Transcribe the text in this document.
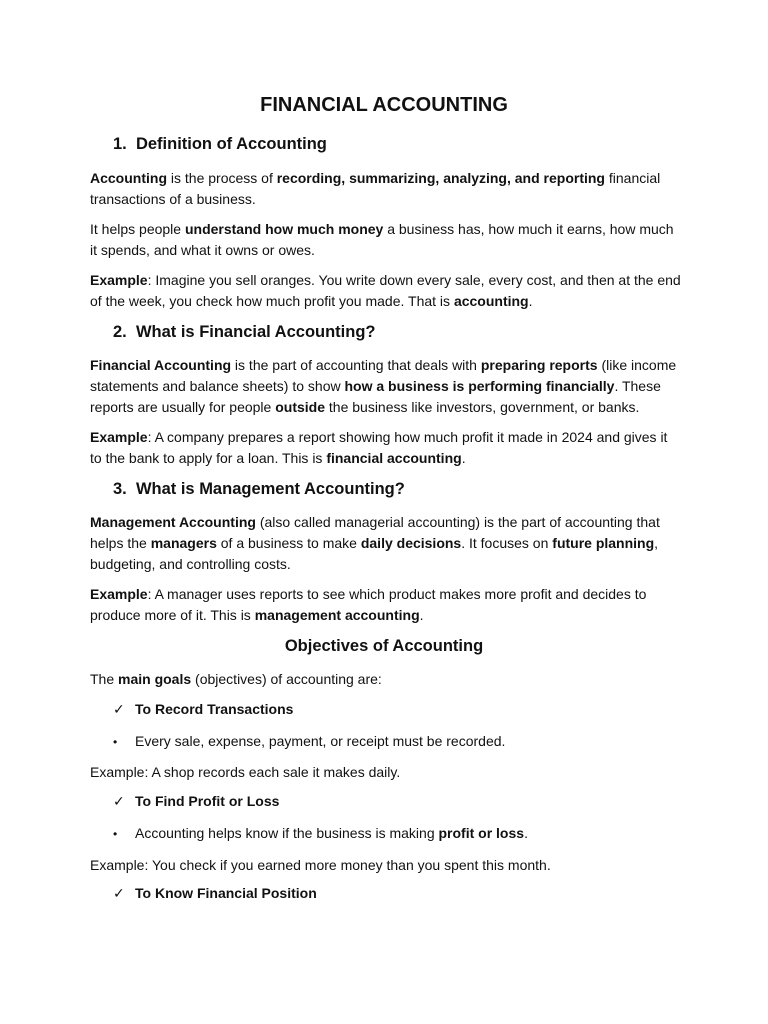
FINANCIAL ACCOUNTING
1. Definition of Accounting

Accounting is the process of recording, summarizing, analyzing, and reporting financial transactions of a business.

It helps people understand how much money a business has, how much it earns, how much it spends, and what it owns or owes.

Example: Imagine you sell oranges. You write down every sale, every cost, and then at the end of the week, you check how much profit you made. That is accounting.

2. What is Financial Accounting?

Financial Accounting is the part of accounting that deals with preparing reports (like income statements and balance sheets) to show how a business is performing financially. These reports are usually for people outside the business like investors, government, or banks.

Example: A company prepares a report showing how much profit it made in 2024 and gives it to the bank to apply for a loan. This is financial accounting.

3. What is Management Accounting?

Management Accounting (also called managerial accounting) is the part of accounting that helps the managers of a business to make daily decisions. It focuses on future planning, budgeting, and controlling costs.

Example: A manager uses reports to see which product makes more profit and decides to produce more of it. This is management accounting.

Objectives of Accounting

The main goals (objectives) of accounting are:

✓ To Record Transactions

• Every sale, expense, payment, or receipt must be recorded.

Example: A shop records each sale it makes daily.

✓ To Find Profit or Loss

• Accounting helps know if the business is making profit or loss.

Example: You check if you earned more money than you spent this month.

✓ To Know Financial Position
